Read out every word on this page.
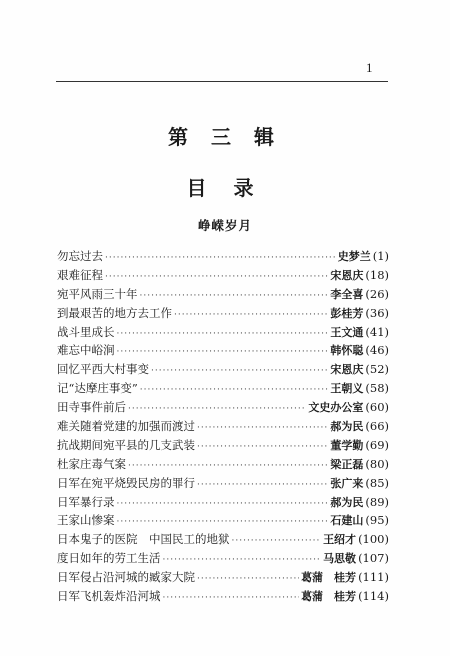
1
第 三 辑
目 录
峥嵘岁月
勿忘过去 ·····	史梦兰 (1)
艰难征程 ·····	宋恩庆 (18)
宛平风雨三十年 ·····	李全喜 (26)
到最艰苦的地方去工作 ·····	彭桂芳 (36)
战斗里成长 ·····	王文通 (41)
难忘中峪涧 ·····	韩怀聪 (46)
回忆平西大村事变 ·····	宋恩庆 (52)
记“达摩庄事变” ·····	王朝义 (58)
田寺事件前后 ·····	文史办公室 (60)
难关随着党建的加强而渡过 ·····	郝为民 (66)
抗战期间宛平县的几支武装 ·····	董学勤 (69)
杜家庄毒气案 ·····	梁正磊 (80)
日军在宛平烧毁民房的罪行 ·····	张广来 (85)
日军暴行录 ·····	郝为民 (89)
王家山惨案 ·····	石建山 (95)
日本鬼子的医院　中国民工的地狱 ·····	王绍才 (100)
度日如年的劳工生活 ·····	马思敬 (107)
日军侵占沿河城的臧家大院 ·····	葛蒲　桂芳 (111)
日军飞机轰炸沿河城 ·····	葛蒲　桂芳 (114)
